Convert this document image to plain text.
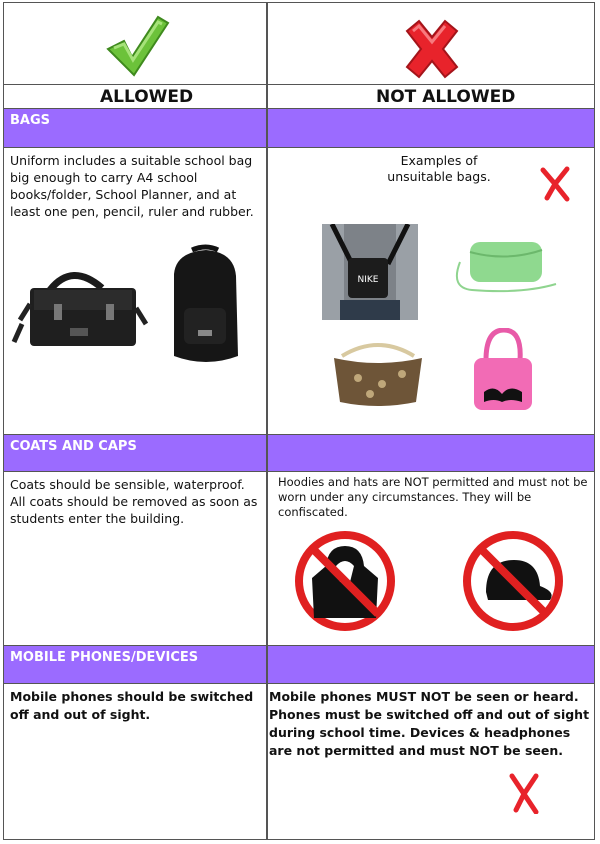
ALLOWED	NOT ALLOWED
BAGS
Uniform includes a suitable school bag big enough to carry A4 school books/folder, School Planner, and at least one pen, pencil, ruler and rubber.
Examples of
unsuitable bags.
NIKE
COATS AND CAPS
Coats should be sensible, waterproof. All coats should be removed as soon as students enter the building.
Hoodies and hats are NOT permitted and must not be worn under any circumstances. They will be confiscated.
MOBILE PHONES/DEVICES
Mobile phones should be switched off and out of sight.
Mobile phones MUST NOT be seen or heard. Phones must be switched off and out of sight during school time. Devices & headphones are not permitted and must NOT be seen.
